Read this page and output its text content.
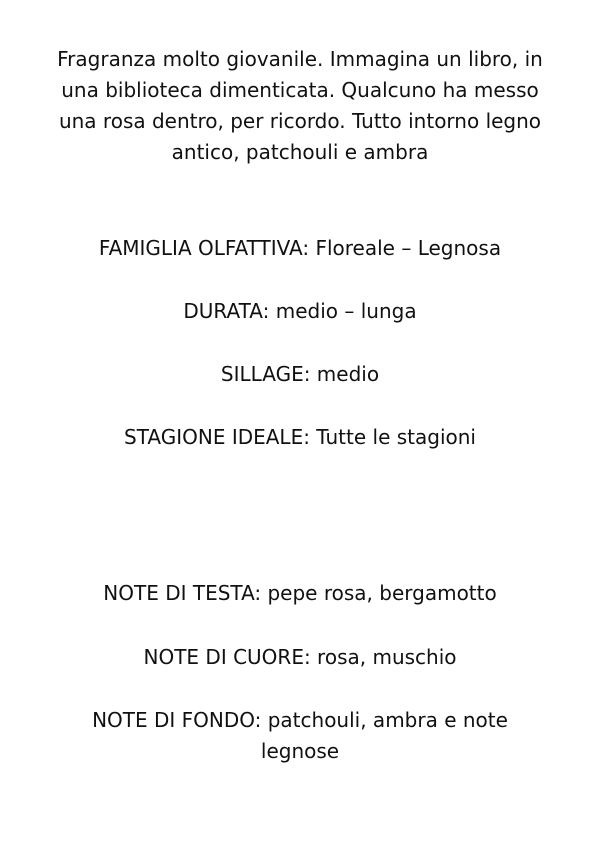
Fragranza molto giovanile. Immagina un libro, in una biblioteca dimenticata. Qualcuno ha messo una rosa dentro, per ricordo. Tutto intorno legno antico, patchouli e ambra

FAMIGLIA OLFATTIVA: Floreale – Legnosa
DURATA: medio – lunga
SILLAGE: medio
STAGIONE IDEALE: Tutte le stagioni
NOTE DI TESTA: pepe rosa, bergamotto
NOTE DI CUORE: rosa, muschio
NOTE DI FONDO: patchouli, ambra e note legnose
